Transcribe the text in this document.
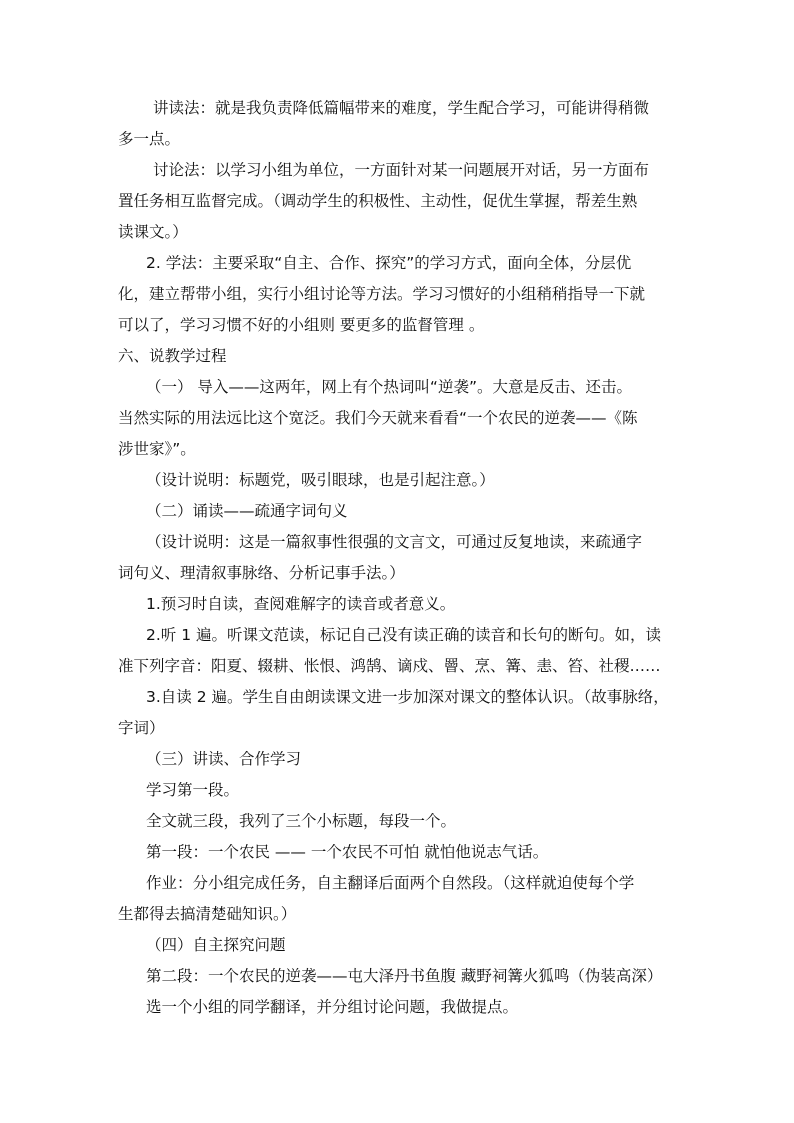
讲读法：就是我负责降低篇幅带来的难度，学生配合学习，可能讲得稍微
多一点。
讨论法：以学习小组为单位，一方面针对某一问题展开对话，另一方面布
置任务相互监督完成。（调动学生的积极性、主动性，促优生掌握，帮差生熟
读课文。）
2. 学法：主要采取“自主、合作、探究”的学习方式，面向全体，分层优
化，建立帮带小组，实行小组讨论等方法。学习习惯好的小组稍稍指导一下就
可以了，学习习惯不好的小组则 要更多的监督管理 。
六、说教学过程
（一） 导入——这两年，网上有个热词叫“逆袭”。大意是反击、还击。
当然实际的用法远比这个宽泛。我们今天就来看看“一个农民的逆袭——《陈
涉世家》”。
（设计说明：标题党，吸引眼球，也是引起注意。）
（二）诵读——疏通字词句义
（设计说明：这是一篇叙事性很强的文言文，可通过反复地读，来疏通字
词句义、理清叙事脉络、分析记事手法。）
1.预习时自读，查阅难解字的读音或者意义。
2.听 1 遍。听课文范读，标记自己没有读正确的读音和长句的断句。如，读
准下列字音：阳夏、辍耕、怅恨、鸿鹄、谪戍、罾、烹、篝、恚、笞、社稷……
3.自读 2 遍。学生自由朗读课文进一步加深对课文的整体认识。（故事脉络，
字词）
（三）讲读、合作学习
学习第一段。
全文就三段，我列了三个小标题，每段一个。
第一段：一个农民 —— 一个农民不可怕 就怕他说志气话。
作业：分小组完成任务，自主翻译后面两个自然段。（这样就迫使每个学
生都得去搞清楚础知识。）
（四）自主探究问题
第二段：一个农民的逆袭——屯大泽丹书鱼腹 藏野祠篝火狐鸣（伪装高深）
选一个小组的同学翻译，并分组讨论问题，我做提点。
